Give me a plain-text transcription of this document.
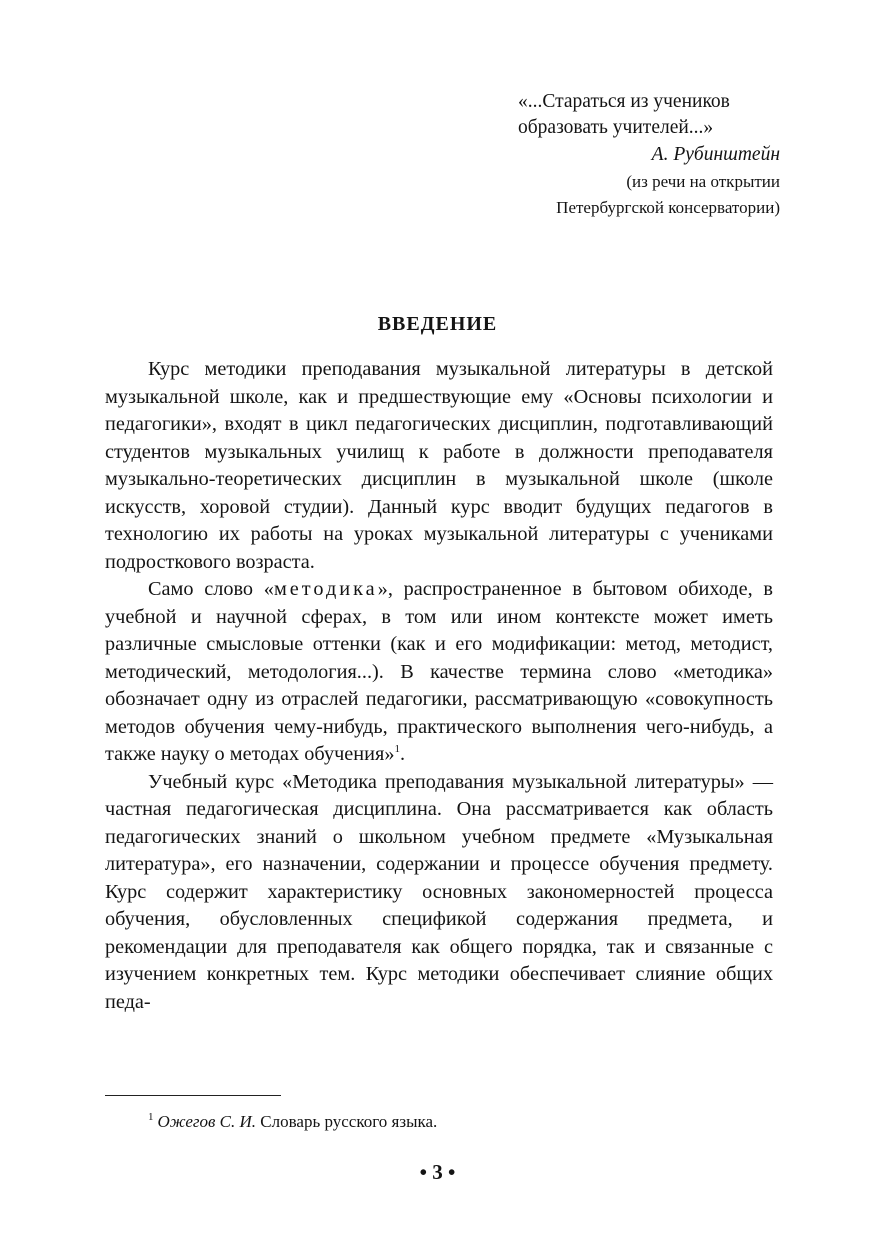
«...Стараться из учеников
образовать учителей...»
А. Рубинштейн
(из речи на открытии
Петербургской консерватории)
ВВЕДЕНИЕ

Курс методики преподавания музыкальной литературы в детской музыкальной школе, как и предшествующие ему «Основы психологии и педагогики», входят в цикл педагогических дисциплин, подготавливающий студентов музыкальных училищ к работе в должности преподавателя музыкально-теоретических дисциплин в музыкальной школе (школе искусств, хоровой студии). Данный курс вводит будущих педагогов в технологию их работы на уроках музыкальной литературы с учениками подросткового возраста.

Само слово «методика», распространенное в бытовом обиходе, в учебной и научной сферах, в том или ином контексте может иметь различные смысловые оттенки (как и его модификации: метод, методист, методический, методология...). В качестве термина слово «методика» обозначает одну из отраслей педагогики, рассматривающую «совокупность методов обучения чему-нибудь, практического выполнения чего-нибудь, а также науку о методах обучения»$^1$.

Учебный курс «Методика преподавания музыкальной литературы» — частная педагогическая дисциплина. Она рассматривается как область педагогических знаний о школьном учебном предмете «Музыкальная литература», его назначении, содержании и процессе обучения предмету. Курс содержит характеристику основных закономерностей процесса обучения, обусловленных спецификой содержания предмета, и рекомендации для преподавателя как общего порядка, так и связанные с изучением конкретных тем. Курс методики обеспечивает слияние общих педа-

$^1$ Ожегов С. И. Словарь русского языка.
• 3 •
